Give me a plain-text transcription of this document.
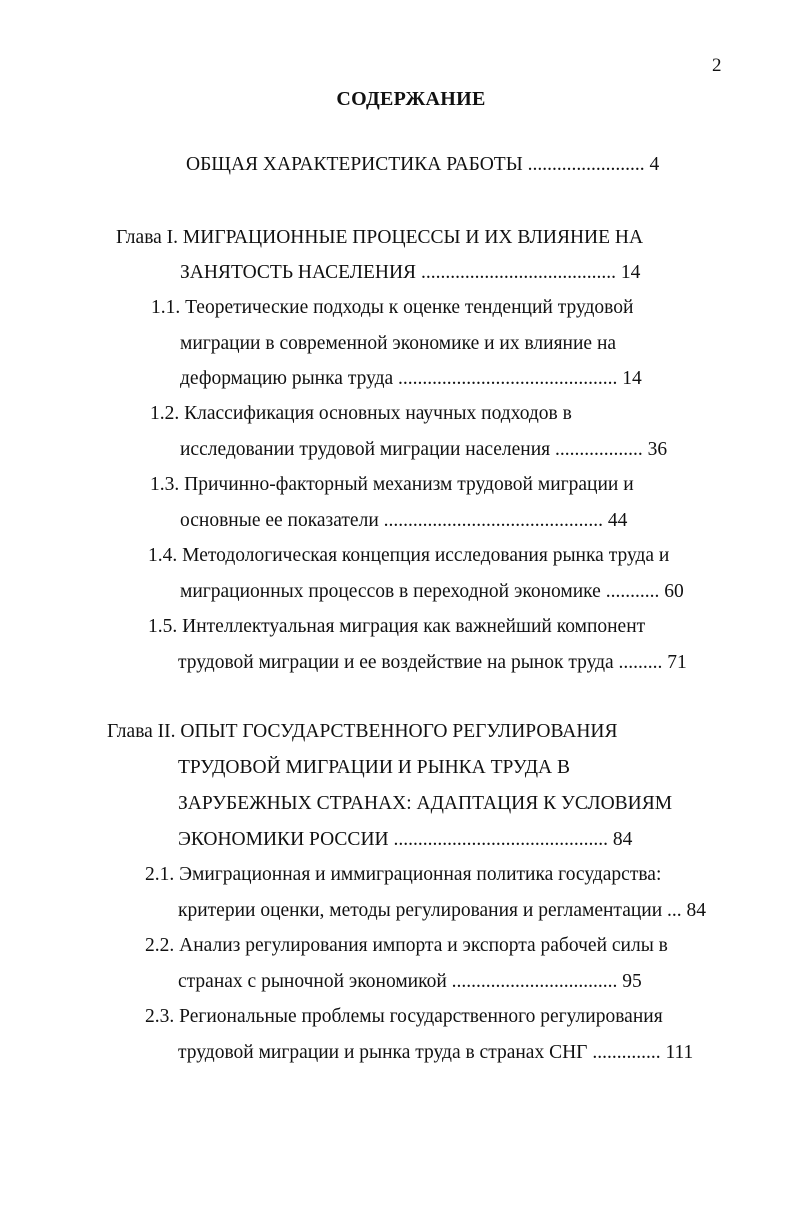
2
СОДЕРЖАНИЕ
ОБЩАЯ ХАРАКТЕРИСТИКА РАБОТЫ ........................ 4
Глава I. МИГРАЦИОННЫЕ ПРОЦЕССЫ И ИХ ВЛИЯНИЕ НА
ЗАНЯТОСТЬ НАСЕЛЕНИЯ ........................................ 14
1.1. Теоретические подходы к оценке тенденций трудовой
миграции в современной экономике и их влияние на
деформацию рынка труда ............................................. 14
1.2. Классификация основных научных подходов в
исследовании трудовой миграции населения .................. 36
1.3. Причинно-факторный механизм трудовой миграции и
основные ее показатели ............................................. 44
1.4. Методологическая концепция исследования рынка труда и
миграционных процессов в переходной экономике ........... 60
1.5. Интеллектуальная миграция как важнейший компонент
трудовой миграции и ее воздействие на рынок труда ......... 71
Глава II. ОПЫТ ГОСУДАРСТВЕННОГО РЕГУЛИРОВАНИЯ
ТРУДОВОЙ МИГРАЦИИ И РЫНКА ТРУДА В
ЗАРУБЕЖНЫХ СТРАНАХ: АДАПТАЦИЯ К УСЛОВИЯМ
ЭКОНОМИКИ РОССИИ ............................................ 84
2.1. Эмиграционная и иммиграционная политика государства:
критерии оценки, методы регулирования и регламентации ... 84
2.2. Анализ регулирования импорта и экспорта рабочей силы в
странах с рыночной экономикой .................................. 95
2.3. Региональные проблемы государственного регулирования
трудовой миграции и рынка труда в странах СНГ .............. 111
